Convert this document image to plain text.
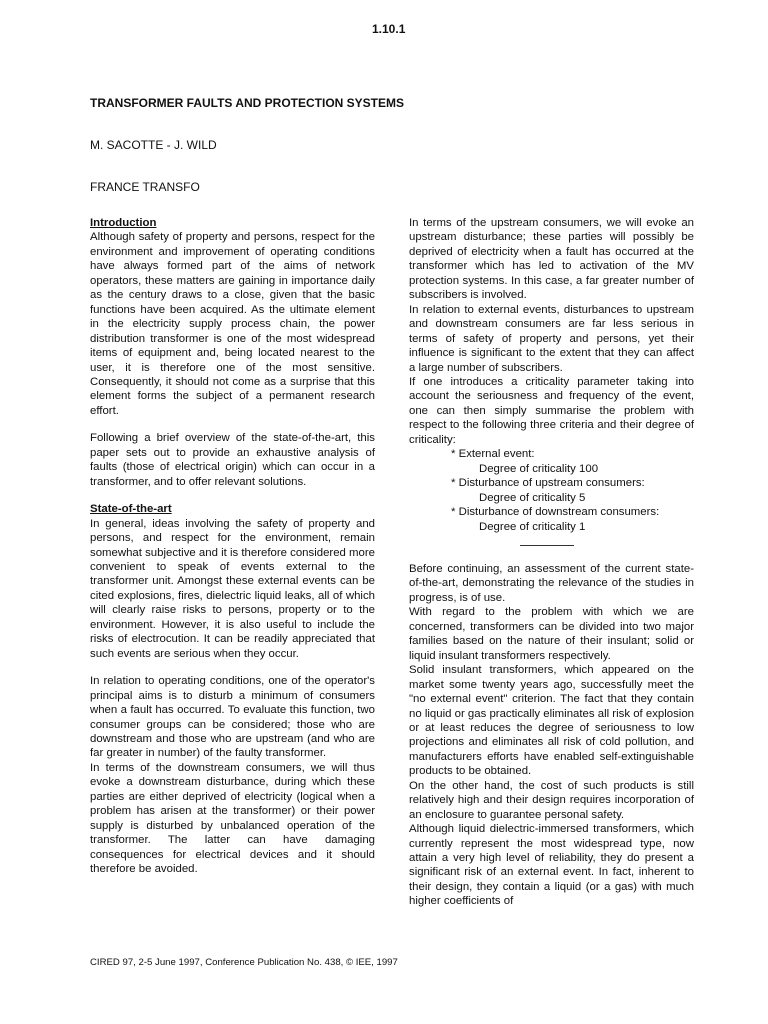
1.10.1
TRANSFORMER FAULTS AND PROTECTION SYSTEMS
M. SACOTTE - J. WILD
FRANCE TRANSFO

Introduction

Although safety of property and persons, respect for the environment and improvement of operating conditions have always formed part of the aims of network operators, these matters are gaining in importance daily as the century draws to a close, given that the basic functions have been acquired. As the ultimate element in the electricity supply process chain, the power distribution transformer is one of the most widespread items of equipment and, being located nearest to the user, it is therefore one of the most sensitive. Consequently, it should not come as a surprise that this element forms the subject of a permanent research effort.

Following a brief overview of the state-of-the-art, this paper sets out to provide an exhaustive analysis of faults (those of electrical origin) which can occur in a transformer, and to offer relevant solutions.

State-of-the-art

In general, ideas involving the safety of property and persons, and respect for the environment, remain somewhat subjective and it is therefore considered more convenient to speak of events external to the transformer unit. Amongst these external events can be cited explosions, fires, dielectric liquid leaks, all of which will clearly raise risks to persons, property or to the environment. However, it is also useful to include the risks of electrocution. It can be readily appreciated that such events are serious when they occur.

In relation to operating conditions, one of the operator's principal aims is to disturb a minimum of consumers when a fault has occurred. To evaluate this function, two consumer groups can be considered; those who are downstream and those who are upstream (and who are far greater in number) of the faulty transformer.

In terms of the downstream consumers, we will thus evoke a downstream disturbance, during which these parties are either deprived of electricity (logical when a problem has arisen at the transformer) or their power supply is disturbed by unbalanced operation of the transformer. The latter can have damaging consequences for electrical devices and it should therefore be avoided.

In terms of the upstream consumers, we will evoke an upstream disturbance; these parties will possibly be deprived of electricity when a fault has occurred at the transformer which has led to activation of the MV protection systems. In this case, a far greater number of subscribers is involved.

In relation to external events, disturbances to upstream and downstream consumers are far less serious in terms of safety of property and persons, yet their influence is significant to the extent that they can affect a large number of subscribers.

If one introduces a criticality parameter taking into account the seriousness and frequency of the event, one can then simply summarise the problem with respect to the following three criteria and their degree of criticality:

* External event:
Degree of criticality 100
* Disturbance of upstream consumers:
Degree of criticality 5
* Disturbance of downstream consumers:
Degree of criticality 1

Before continuing, an assessment of the current state-of-the-art, demonstrating the relevance of the studies in progress, is of use.

With regard to the problem with which we are concerned, transformers can be divided into two major families based on the nature of their insulant; solid or liquid insulant transformers respectively.

Solid insulant transformers, which appeared on the market some twenty years ago, successfully meet the "no external event" criterion. The fact that they contain no liquid or gas practically eliminates all risk of explosion or at least reduces the degree of seriousness to low projections and eliminates all risk of cold pollution, and manufacturers efforts have enabled self-extinguishable products to be obtained.

On the other hand, the cost of such products is still relatively high and their design requires incorporation of an enclosure to guarantee personal safety.

Although liquid dielectric-immersed transformers, which currently represent the most widespread type, now attain a very high level of reliability, they do present a significant risk of an external event. In fact, inherent to their design, they contain a liquid (or a gas) with much higher coefficients of

CIRED 97, 2-5 June 1997, Conference Publication No. 438, © IEE, 1997
